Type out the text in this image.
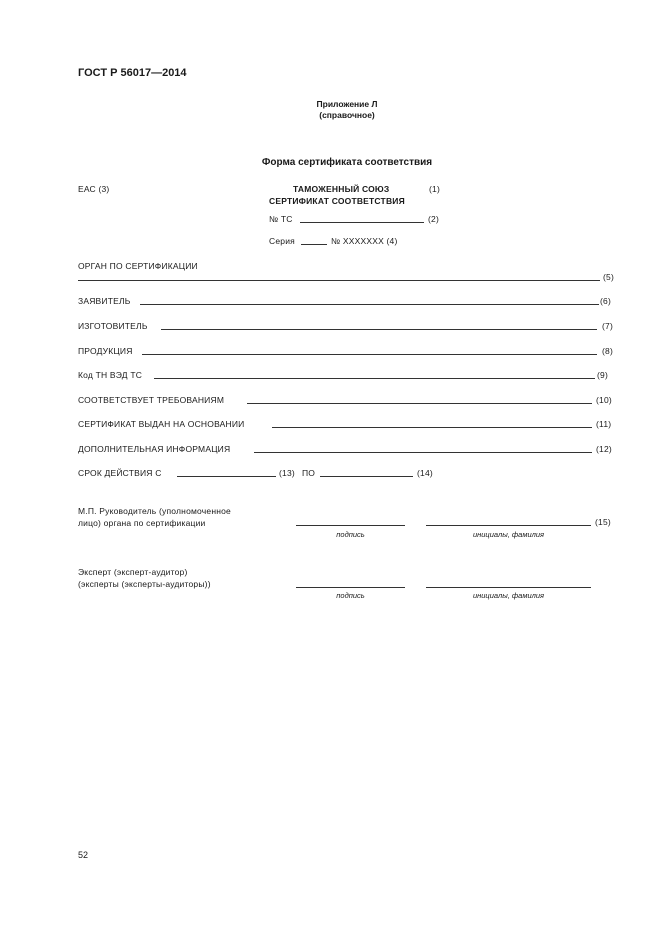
ГОСТ Р 56017—2014
Приложение Л
(справочное)
Форма сертификата соответствия
ЕАС (3)	ТАМОЖЕННЫЙ СОЮЗ	(1)
СЕРТИФИКАТ СООТВЕТСТВИЯ
№ ТС	(2)
Серия	№ XXXXXXX (4)
ОРГАН ПО СЕРТИФИКАЦИИ
(5)
ЗАЯВИТЕЛЬ	(6)
ИЗГОТОВИТЕЛЬ	(7)
ПРОДУКЦИЯ	(8)
Код ТН ВЭД ТС	(9)
СООТВЕТСТВУЕТ ТРЕБОВАНИЯМ	(10)
СЕРТИФИКАТ ВЫДАН НА ОСНОВАНИИ	(11)
ДОПОЛНИТЕЛЬНАЯ ИНФОРМАЦИЯ	(12)
СРОК ДЕЙСТВИЯ С	(13) ПО	(14)
М.П. Руководитель (уполномоченное
лицо) органа по сертификации	(15)
подпись	инициалы, фамилия
Эксперт (эксперт-аудитор)
(эксперты (эксперты-аудиторы))
подпись	инициалы, фамилия
52
